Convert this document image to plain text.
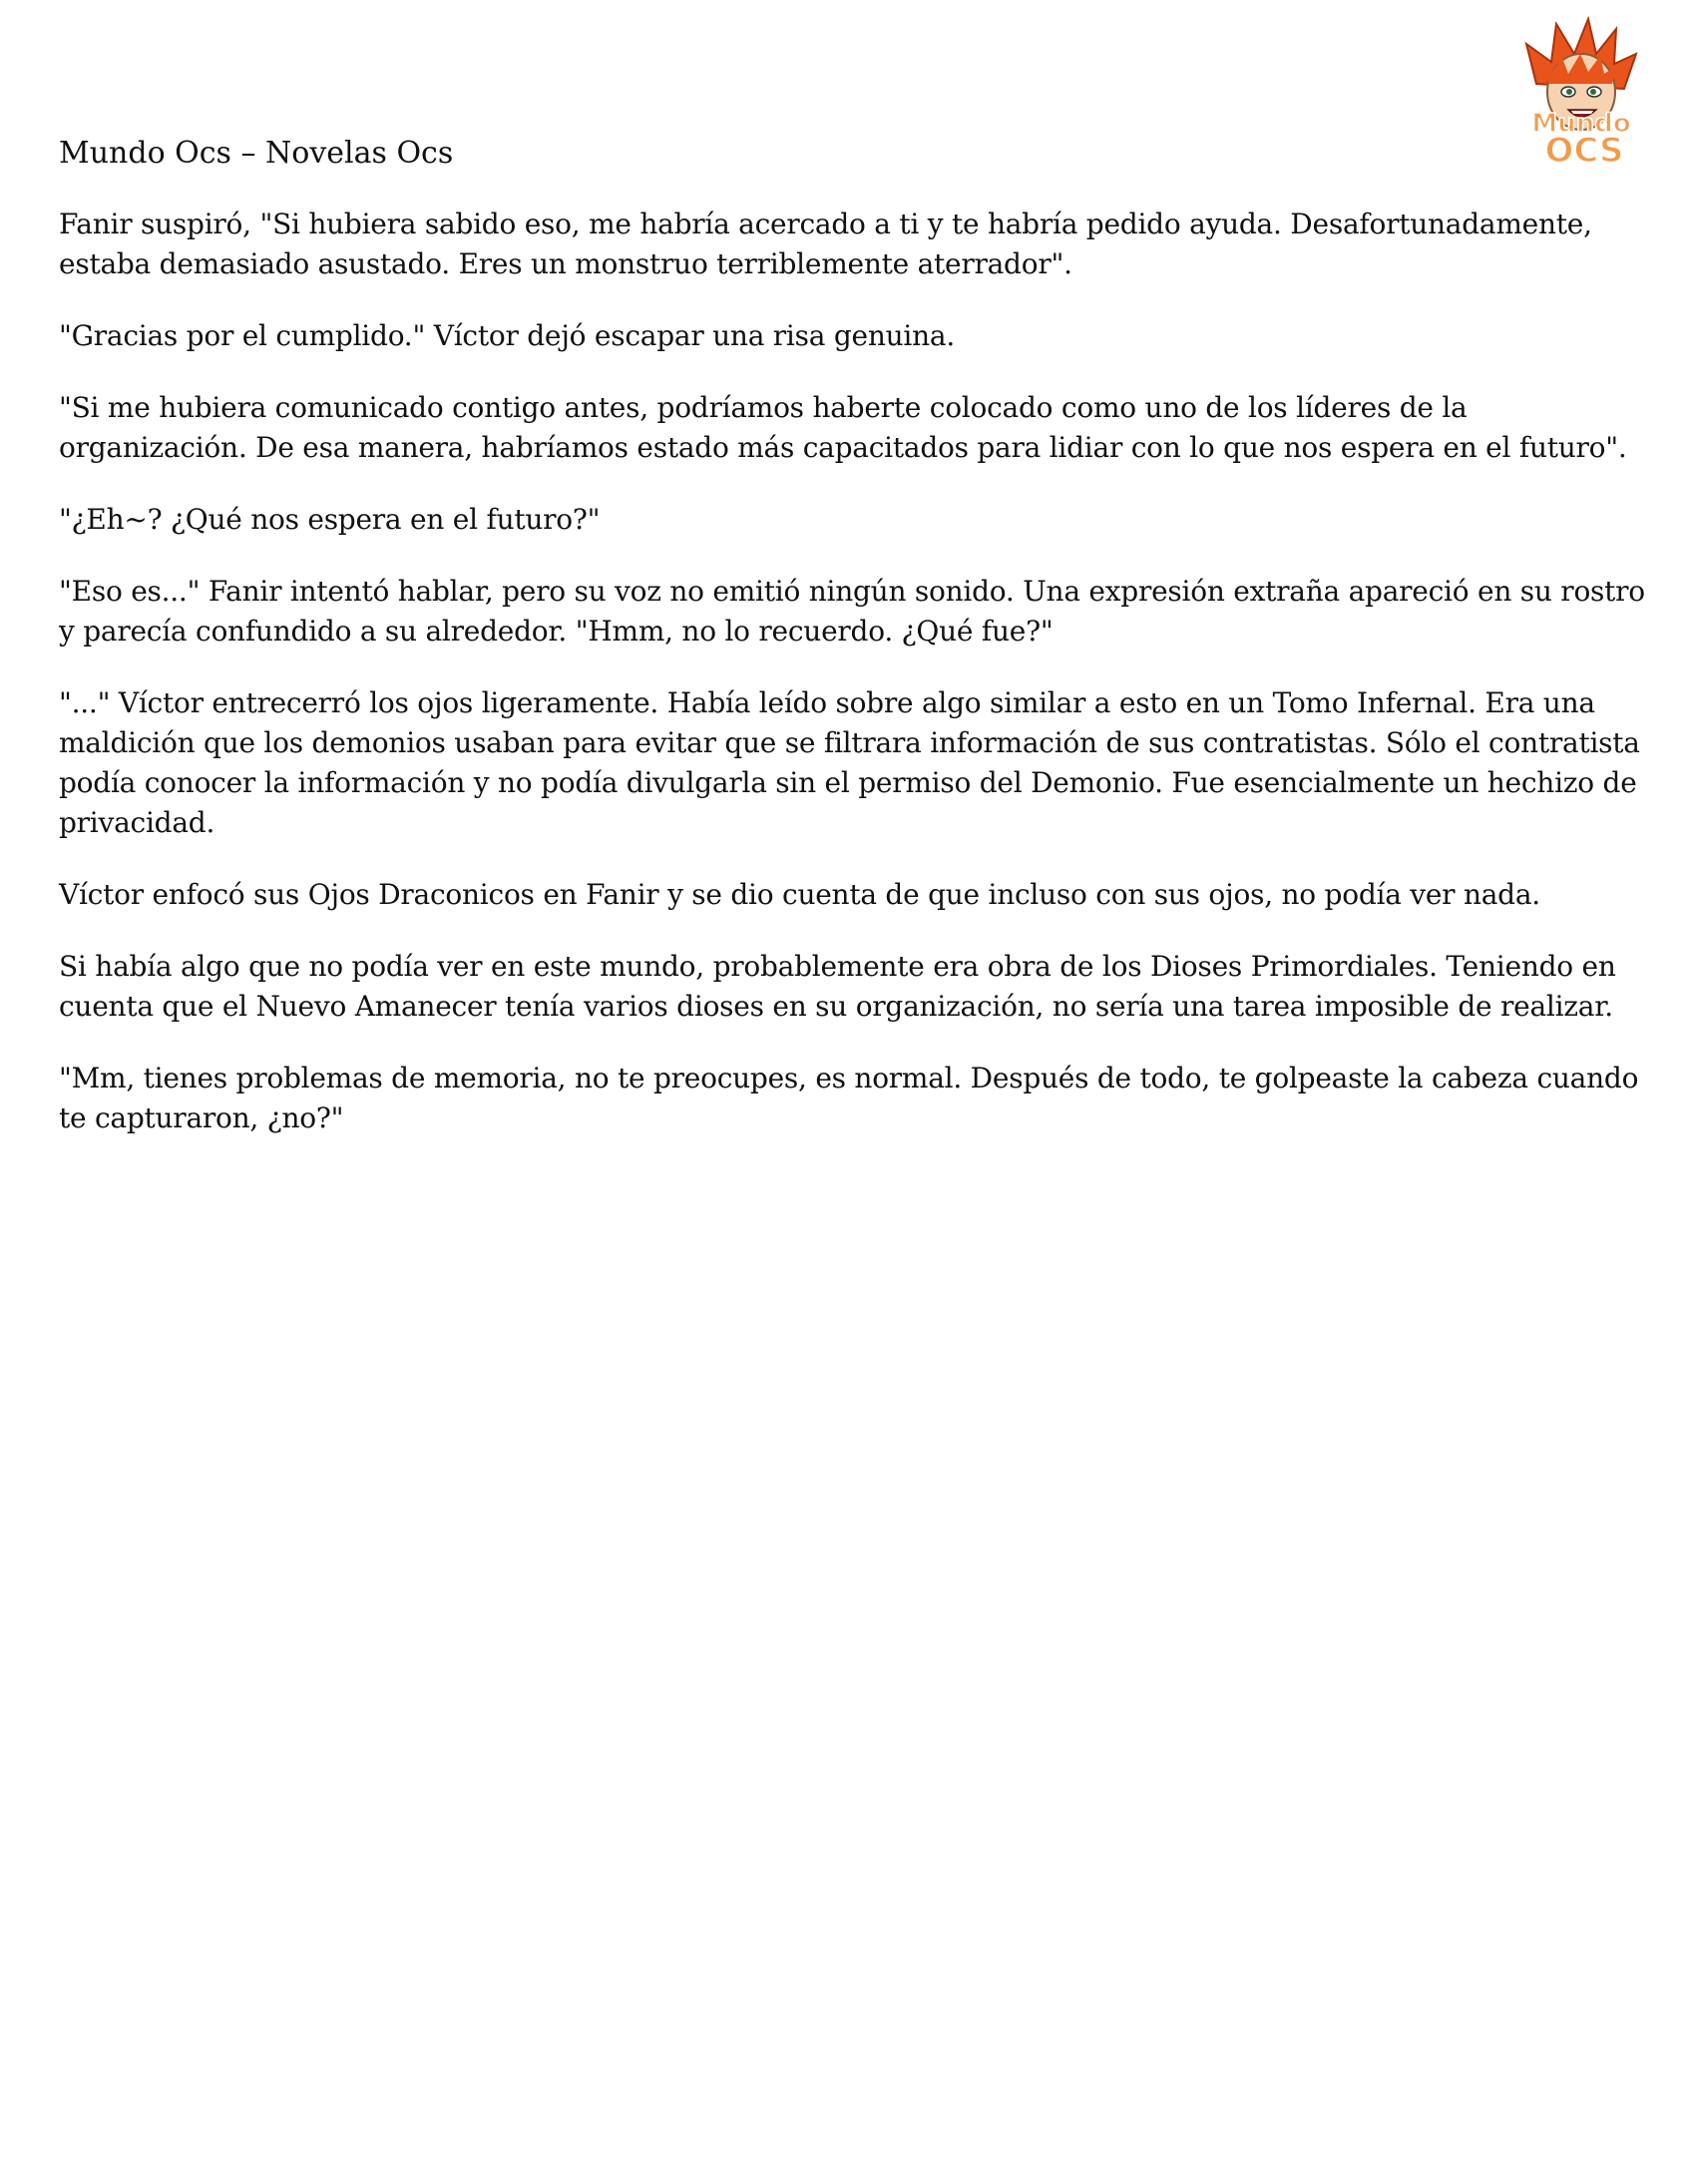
Mundo
OCS
Mundo Ocs – Novelas Ocs

Fanir suspiró, "Si hubiera sabido eso, me habría acercado a ti y te habría pedido ayuda. Desafortunadamente, estaba demasiado asustado. Eres un monstruo terriblemente aterrador".

"Gracias por el cumplido." Víctor dejó escapar una risa genuina.

"Si me hubiera comunicado contigo antes, podríamos haberte colocado como uno de los líderes de la organización. De esa manera, habríamos estado más capacitados para lidiar con lo que nos espera en el futuro".

"¿Eh~? ¿Qué nos espera en el futuro?"

"Eso es..." Fanir intentó hablar, pero su voz no emitió ningún sonido. Una expresión extraña apareció en su rostro y parecía confundido a su alrededor. "Hmm, no lo recuerdo. ¿Qué fue?"

"..." Víctor entrecerró los ojos ligeramente. Había leído sobre algo similar a esto en un Tomo Infernal. Era una maldición que los demonios usaban para evitar que se filtrara información de sus contratistas. Sólo el contratista podía conocer la información y no podía divulgarla sin el permiso del Demonio. Fue esencialmente un hechizo de privacidad.

Víctor enfocó sus Ojos Draconicos en Fanir y se dio cuenta de que incluso con sus ojos, no podía ver nada.

Si había algo que no podía ver en este mundo, probablemente era obra de los Dioses Primordiales. Teniendo en cuenta que el Nuevo Amanecer tenía varios dioses en su organización, no sería una tarea imposible de realizar.

"Mm, tienes problemas de memoria, no te preocupes, es normal. Después de todo, te golpeaste la cabeza cuando te capturaron, ¿no?"
